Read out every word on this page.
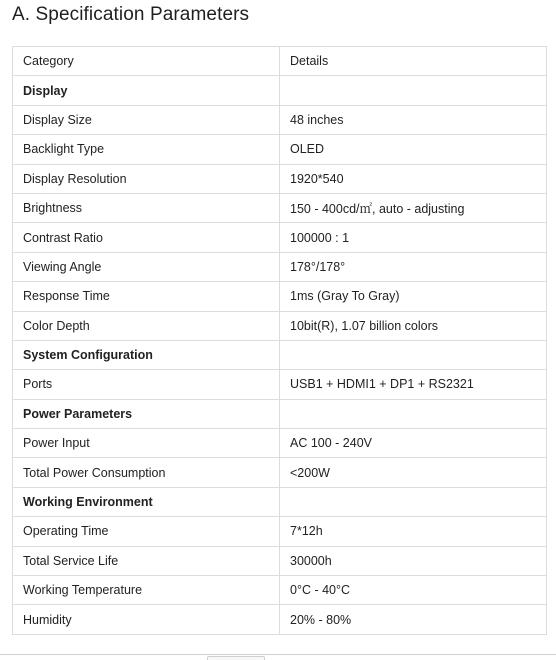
A. Specification Parameters
Category	Details
Display	
Display Size	48 inches
Backlight Type	OLED
Display Resolution	1920*540
Brightness	150 - 400cd/㎡, auto - adjusting
Contrast Ratio	100000 : 1
Viewing Angle	178°/178°
Response Time	1ms (Gray To Gray)
Color Depth	10bit(R), 1.07 billion colors
System Configuration	
Ports	USB1 + HDMI1 + DP1 + RS2321
Power Parameters	
Power Input	AC 100 - 240V
Total Power Consumption	<200W
Working Environment	
Operating Time	7*12h
Total Service Life	30000h
Working Temperature	0°C - 40°C
Humidity	20% - 80%
